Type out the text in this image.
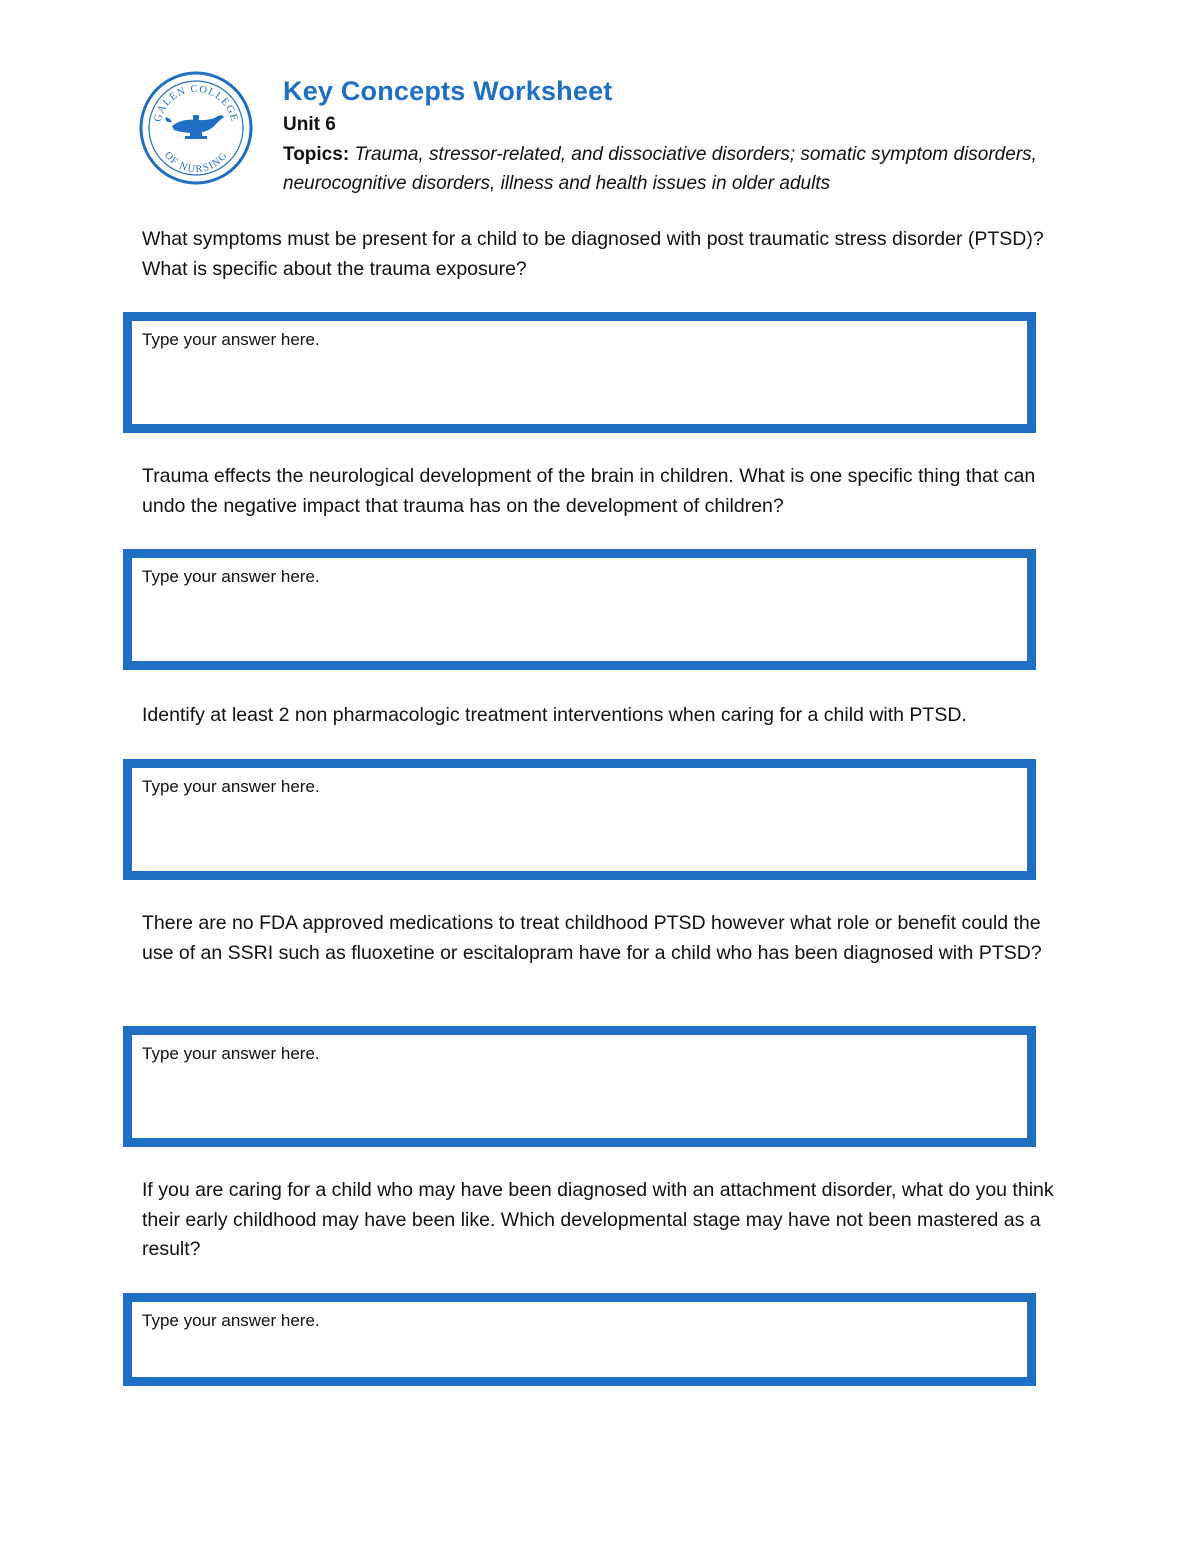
GALEN COLLEGE
OF NURSING
Key Concepts Worksheet
Unit 6
Topics: Trauma, stressor-related, and dissociative disorders; somatic symptom disorders, neurocognitive disorders, illness and health issues in older adults

What symptoms must be present for a child to be diagnosed with post traumatic stress disorder (PTSD)? What is specific about the trauma exposure?

Type your answer here.

Trauma effects the neurological development of the brain in children. What is one specific thing that can undo the negative impact that trauma has on the development of children?

Type your answer here.

Identify at least 2 non pharmacologic treatment interventions when caring for a child with PTSD.

Type your answer here.

There are no FDA approved medications to treat childhood PTSD however what role or benefit could the use of an SSRI such as fluoxetine or escitalopram have for a child who has been diagnosed with PTSD?

Type your answer here.

If you are caring for a child who may have been diagnosed with an attachment disorder, what do you think their early childhood may have been like. Which developmental stage may have not been mastered as a result?

Type your answer here.
